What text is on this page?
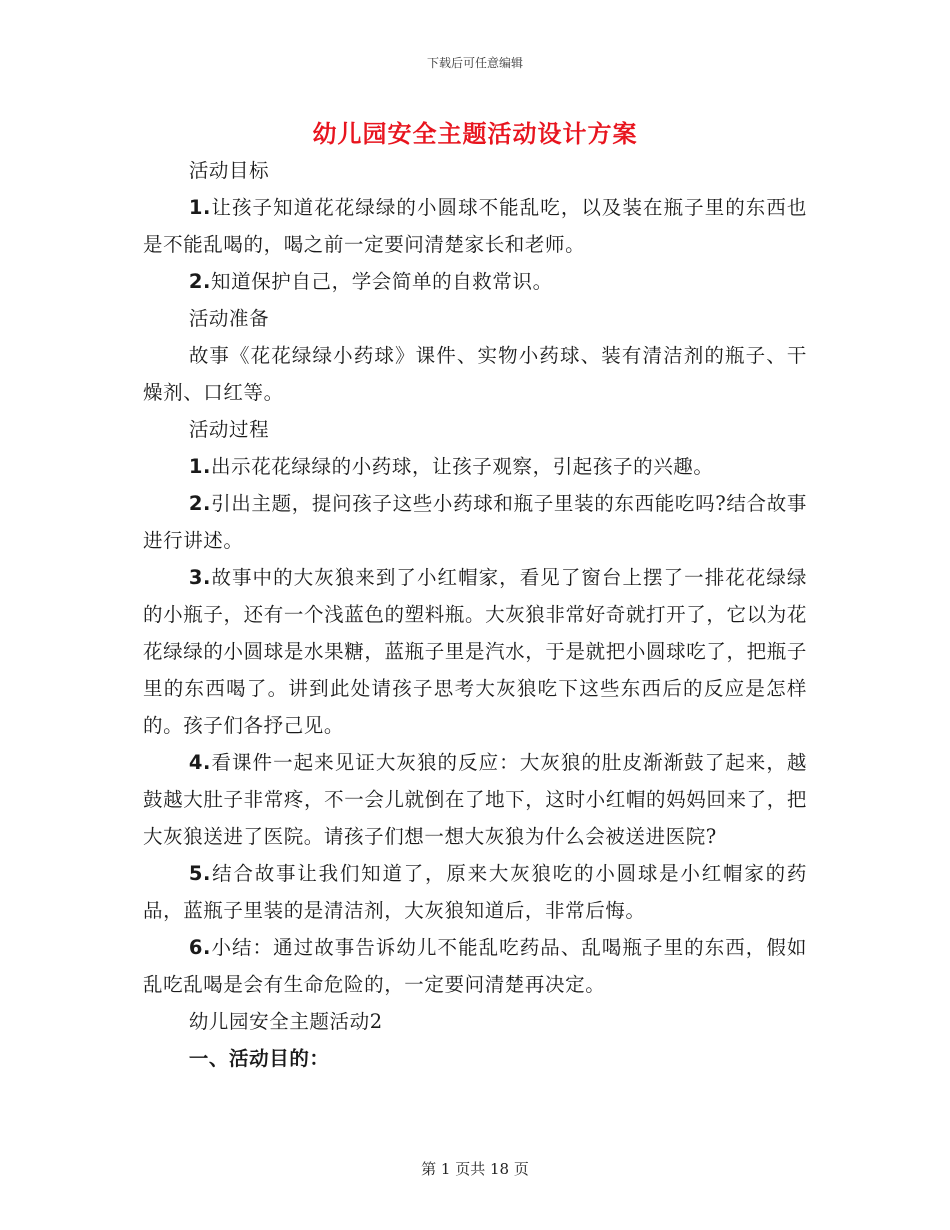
下载后可任意编辑
幼儿园安全主题活动设计方案

活动目标

1.让孩子知道花花绿绿的小圆球不能乱吃，以及装在瓶子里的东西也是不能乱喝的，喝之前一定要问清楚家长和老师。

2.知道保护自己，学会简单的自救常识。

活动准备

故事《花花绿绿小药球》课件、实物小药球、装有清洁剂的瓶子、干燥剂、口红等。

活动过程

1.出示花花绿绿的小药球，让孩子观察，引起孩子的兴趣。

2.引出主题，提问孩子这些小药球和瓶子里装的东西能吃吗?结合故事进行讲述。

3.故事中的大灰狼来到了小红帽家，看见了窗台上摆了一排花花绿绿的小瓶子，还有一个浅蓝色的塑料瓶。大灰狼非常好奇就打开了，它以为花花绿绿的小圆球是水果糖，蓝瓶子里是汽水，于是就把小圆球吃了，把瓶子里的东西喝了。讲到此处请孩子思考大灰狼吃下这些东西后的反应是怎样的。孩子们各抒己见。

4.看课件一起来见证大灰狼的反应：大灰狼的肚皮渐渐鼓了起来，越鼓越大肚子非常疼，不一会儿就倒在了地下，这时小红帽的妈妈回来了，把大灰狼送进了医院。请孩子们想一想大灰狼为什么会被送进医院?

5.结合故事让我们知道了，原来大灰狼吃的小圆球是小红帽家的药品，蓝瓶子里装的是清洁剂，大灰狼知道后，非常后悔。

6.小结：通过故事告诉幼儿不能乱吃药品、乱喝瓶子里的东西，假如乱吃乱喝是会有生命危险的，一定要问清楚再决定。

幼儿园安全主题活动2

一、活动目的：

第 1 页共 18 页
